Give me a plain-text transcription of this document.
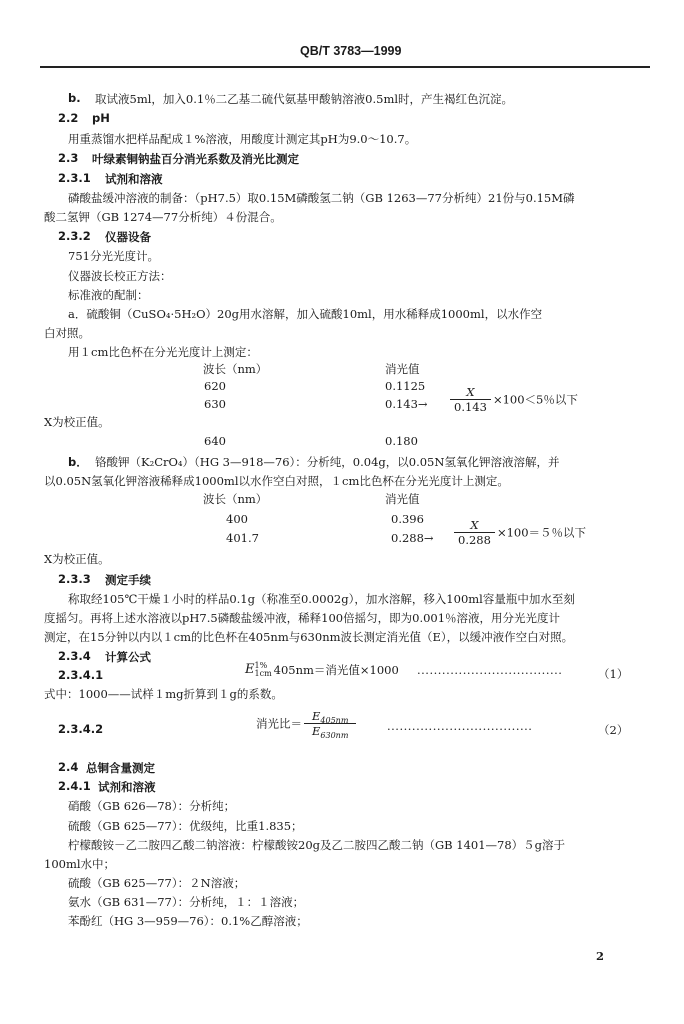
QB/T 3783—1999
b. 取试液5ml，加入0.1％二乙基二硫代氨基甲酸钠溶液0.5ml时，产生褐红色沉淀。
2.2 pH
用重蒸馏水把样品配成１%溶液，用酸度计测定其pH为9.0～10.7。
2.3 叶绿素铜钠盐百分消光系数及消光比测定
2.3.1 试剂和溶液
磷酸盐缓冲溶液的制备：（pH7.5）取0.15M磷酸氢二钠（GB 1263—77分析纯）21份与0.15M磷
酸二氢钾（GB 1274—77分析纯）４份混合。
2.3.2 仪器设备
751分光光度计。
仪器波长校正方法：
标准液的配制：
a．硫酸铜（CuSO₄·5H₂O）20g用水溶解，加入硫酸10ml，用水稀释成1000ml，以水作空
白对照。
用１cm比色杯在分光光度计上测定：
波长（nm）	消光值
620	0.1125
630	$0.143\to \frac{X}{0.143} \times 100<5$％以下
X为校正值。
640	0.180
b． 铬酸钾（K₂CrO₄）（HG 3—918—76）：分析纯，0.04g，以0.05N氢氧化钾溶液溶解，并
以0.05N氢氧化钾溶液稀释成1000ml以水作空白对照，１cm比色杯在分光光度计上测定。
波长（nm）	消光值
400	0.396
401.7	$0.288\to \frac{X}{0.288} \times 100=5$％以下
X为校正值。
2.3.3 测定手续
称取经105℃干燥１小时的样品0.1g（称准至0.0002g），加水溶解，移入100ml容量瓶中加水至刻
度摇匀。再将上述水溶液以pH7.5磷酸盐缓冲液，稀释100倍摇匀，即为0.001％溶液，用分光光度计
测定，在15分钟以内以１cm的比色杯在405nm与630nm波长测定消光值（E），以缓冲液作空白对照。
2.3.4 计算公式
2.3.4.1	E 1%
1cm 405nm＝消光值×1000 ···································	（1）
式中：1000——试样１mg折算到１g的系数。
2.3.4.2	消光比＝ $\frac{E_{405nm}}{E_{630nm}}$	···································	（2）
2.4 总铜含量测定
2.4.1 试剂和溶液
硝酸（GB 626—78）：分析纯；
硫酸（GB 625—77）：优级纯，比重1.835；
柠檬酸铵－乙二胺四乙酸二钠溶液：柠檬酸铵20g及乙二胺四乙酸二钠（GB 1401—78）５g溶于
100ml水中；
硫酸（GB 625—77）：２N溶液；
氨水（GB 631—77）：分析纯，１：１溶液；
苯酚红（HG 3—959—76）：0.1%乙醇溶液；
2
